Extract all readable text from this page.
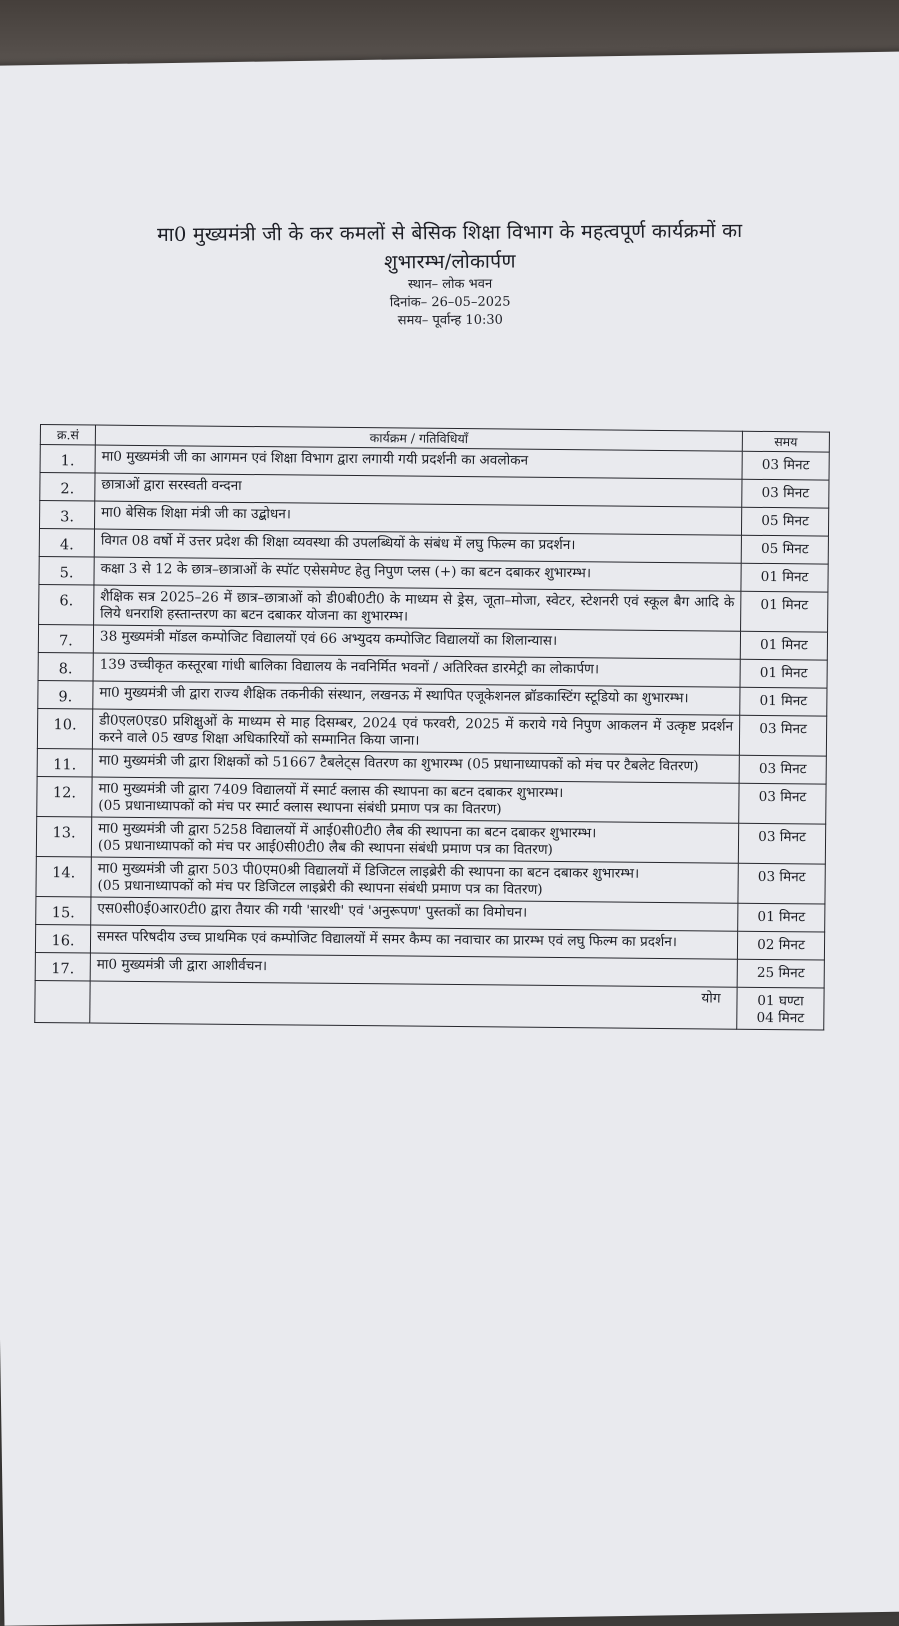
मा0 मुख्यमंत्री जी के कर कमलों से बेसिक शिक्षा विभाग के महत्वपूर्ण कार्यक्रमों का

शुभारम्भ/लोकार्पण

स्थान– लोक भवन

दिनांक– 26–05–2025

समय– पूर्वान्ह 10:30

क्र.सं	कार्यक्रम / गतिविधियाँ	समय
1.	मा0 मुख्यमंत्री जी का आगमन एवं शिक्षा विभाग द्वारा लगायी गयी प्रदर्शनी का अवलोकन	03 मिनट
2.	छात्राओं द्वारा सरस्वती वन्दना	03 मिनट
3.	मा0 बेसिक शिक्षा मंत्री जी का उद्बोधन।	05 मिनट
4.	विगत 08 वर्षो में उत्तर प्रदेश की शिक्षा व्यवस्था की उपलब्धियों के संबंध में लघु फिल्म का प्रदर्शन।	05 मिनट
5.	कक्षा 3 से 12 के छात्र–छात्राओं के स्पॉट एसेसमेण्ट हेतु निपुण प्लस (+) का बटन दबाकर शुभारम्भ।	01 मिनट
6.	शैक्षिक सत्र 2025–26 में छात्र–छात्राओं को डी0बी0टी0 के माध्यम से ड्रेस, जूता–मोजा, स्वेटर, स्टेशनरी एवं स्कूल बैग आदि के लिये धनराशि हस्तान्तरण का बटन दबाकर योजना का शुभारम्भ।	01 मिनट
7.	38 मुख्यमंत्री मॉडल कम्पोजिट विद्यालयों एवं 66 अभ्युदय कम्पोजिट विद्यालयों का शिलान्यास।	01 मिनट
8.	139 उच्चीकृत कस्तूरबा गांधी बालिका विद्यालय के नवनिर्मित भवनों / अतिरिक्त डारमेट्री का लोकार्पण।	01 मिनट
9.	मा0 मुख्यमंत्री जी द्वारा राज्य शैक्षिक तकनीकी संस्थान, लखनऊ में स्थापित एजूकेशनल ब्रॉडकास्टिंग स्टूडियो का शुभारम्भ।	01 मिनट
10.	डी0एल0एड0 प्रशिक्षुओं के माध्यम से माह दिसम्बर, 2024 एवं फरवरी, 2025 में कराये गये निपुण आकलन में उत्कृष्ट प्रदर्शन करने वाले 05 खण्ड शिक्षा अधिकारियों को सम्मानित किया जाना।	03 मिनट
11.	मा0 मुख्यमंत्री जी द्वारा शिक्षकों को 51667 टैबलेट्स वितरण का शुभारम्भ (05 प्रधानाध्यापकों को मंच पर टैबलेट वितरण)	03 मिनट
12.	मा0 मुख्यमंत्री जी द्वारा 7409 विद्यालयों में स्मार्ट क्लास की स्थापना का बटन दबाकर शुभारम्भ।
(05 प्रधानाध्यापकों को मंच पर स्मार्ट क्लास स्थापना संबंधी प्रमाण पत्र का वितरण)	03 मिनट
13.	मा0 मुख्यमंत्री जी द्वारा 5258 विद्यालयों में आई0सी0टी0 लैब की स्थापना का बटन दबाकर शुभारम्भ।
(05 प्रधानाध्यापकों को मंच पर आई0सी0टी0 लैब की स्थापना संबंधी प्रमाण पत्र का वितरण)	03 मिनट
14.	मा0 मुख्यमंत्री जी द्वारा 503 पी0एम0श्री विद्यालयों में डिजिटल लाइब्रेरी की स्थापना का बटन दबाकर शुभारम्भ।
(05 प्रधानाध्यापकों को मंच पर डिजिटल लाइब्रेरी की स्थापना संबंधी प्रमाण पत्र का वितरण)	03 मिनट
15.	एस0सी0ई0आर0टी0 द्वारा तैयार की गयी 'सारथी' एवं 'अनुरूपण' पुस्तकों का विमोचन।	01 मिनट
16.	समस्त परिषदीय उच्च प्राथमिक एवं कम्पोजिट विद्यालयों में समर कैम्प का नवाचार का प्रारम्भ एवं लघु फिल्म का प्रदर्शन।	02 मिनट
17.	मा0 मुख्यमंत्री जी द्वारा आशीर्वचन।	25 मिनट
	योग	01 घण्टा
04 मिनट
